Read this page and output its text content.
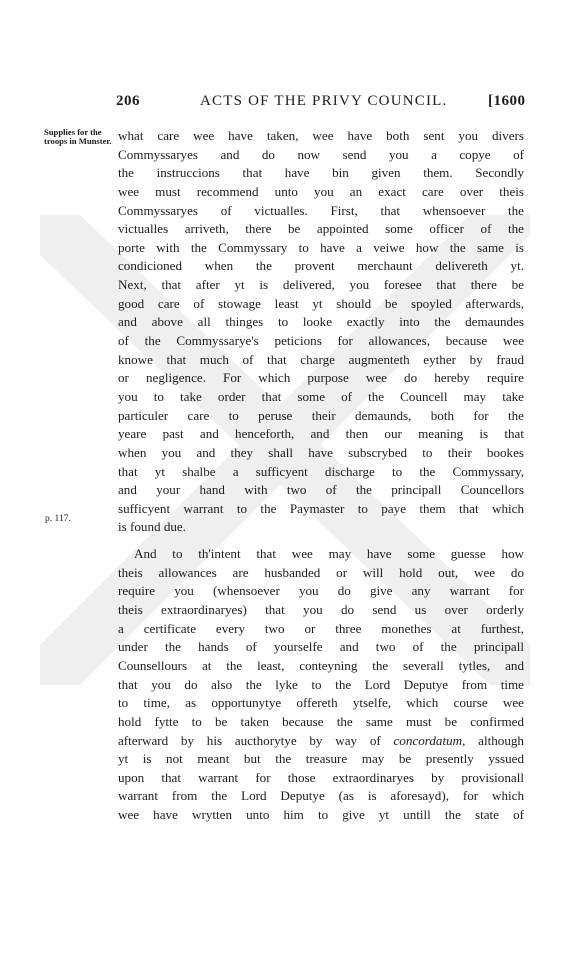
206	ACTS OF THE PRIVY COUNCIL.	[1600
Supplies for the troops in Munster.
p. 117.
what care wee have taken, wee have both sent you divers
Commyssaryes and do now send you a copye of
the instruccions that have bin given them. Secondly
wee must recommend unto you an exact care over theis
Commyssaryes of victualles. First, that whensoever the
victualles arriveth, there be appointed some officer of the
porte with the Commyssary to have a veiwe how the same is
condicioned when the provent merchaunt delivereth yt.
Next, that after yt is delivered, you foresee that there be
good care of stowage least yt should be spoyled afterwards,
and above all thinges to looke exactly into the demaundes
of the Commyssarye's peticions for allowances, because wee
knowe that much of that charge augmenteth eyther by fraud
or negligence. For which purpose wee do hereby require
you to take order that some of the Councell may take
particuler care to peruse their demaunds, both for the
yeare past and henceforth, and then our meaning is that
when you and they shall have subscrybed to their bookes
that yt shalbe a sufficyent discharge to the Commyssary,
and your hand with two of the principall Councellors
sufficyent warrant to the Paymaster to paye them that which
is found due.
And to th'intent that wee may have some guesse how
theis allowances are husbanded or will hold out, wee do
require you (whensoever you do give any warrant for
theis extraordinaryes) that you do send us over orderly
a certificate every two or three monethes at furthest,
under the hands of yourselfe and two of the principall
Counsellours at the least, conteyning the severall tytles, and
that you do also the lyke to the Lord Deputye from time
to time, as opportunytye offereth ytselfe, which course wee
hold fytte to be taken because the same must be confirmed
afterward by his aucthorytye by way of concordatum, although
yt is not meant but the treasure may be presently yssued
upon that warrant for those extraordinaryes by provisionall
warrant from the Lord Deputye (as is aforesayd), for which
wee have wrytten unto him to give yt untill the state of
